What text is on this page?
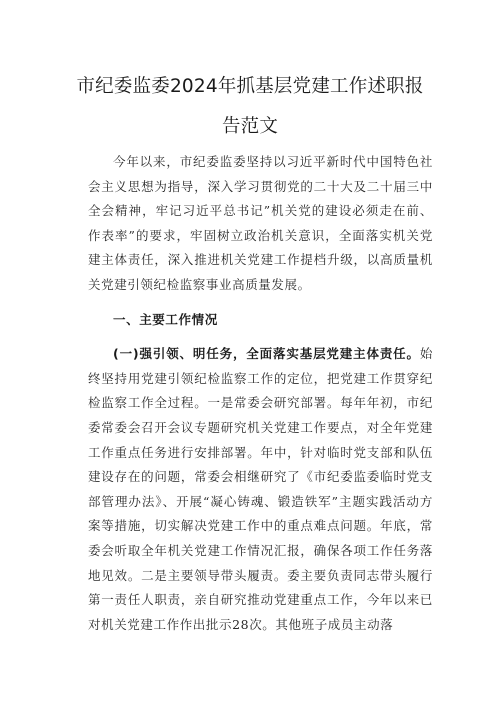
市纪委监委2024年抓基层党建工作述职报
告范文

今年以来，市纪委监委坚持以习近平新时代中国特色社会主义思想为指导，深入学习贯彻党的二十大及二十届三中全会精神，牢记习近平总书记”机关党的建设必须走在前、作表率”的要求，牢固树立政治机关意识，全面落实机关党建主体责任，深入推进机关党建工作提档升级，以高质量机关党建引领纪检监察事业高质量发展。

一、主要工作情况

(一)强引领、明任务，全面落实基层党建主体责任。始终坚持用党建引领纪检监察工作的定位，把党建工作贯穿纪检监察工作全过程。一是常委会研究部署。每年年初，市纪委常委会召开会议专题研究机关党建工作要点，对全年党建工作重点任务进行安排部署。年中，针对临时党支部和队伍建设存在的问题，常委会相继研究了《市纪委监委临时党支部管理办法》、开展“凝心铸魂、锻造铁军”主题实践活动方案等措施，切实解决党建工作中的重点难点问题。年底，常委会听取全年机关党建工作情况汇报，确保各项工作任务落地见效。二是主要领导带头履责。委主要负责同志带头履行第一责任人职责，亲自研究推动党建重点工作，今年以来已对机关党建工作作出批示28次。其他班子成员主动落
